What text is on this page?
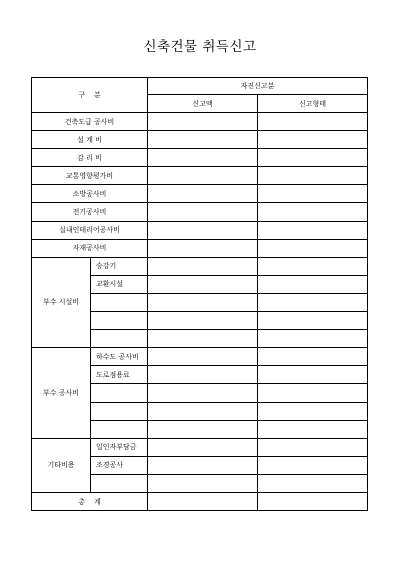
신축건물 취득신고
구    분		자진신고분	
		신고액	신고형태
건축도급 공사비			
설 계 비			
감 리 비			
교통영향평가비			
소방공사비			
전기공사비			
실내인테리어공사비			
자재공사비			
부수 시설비	승강기		
	교환시설		

부수 공사비	하수도 공사비		
	도로점용료		

기타비용	일인자부담금		
	조경공사		

총    계			
